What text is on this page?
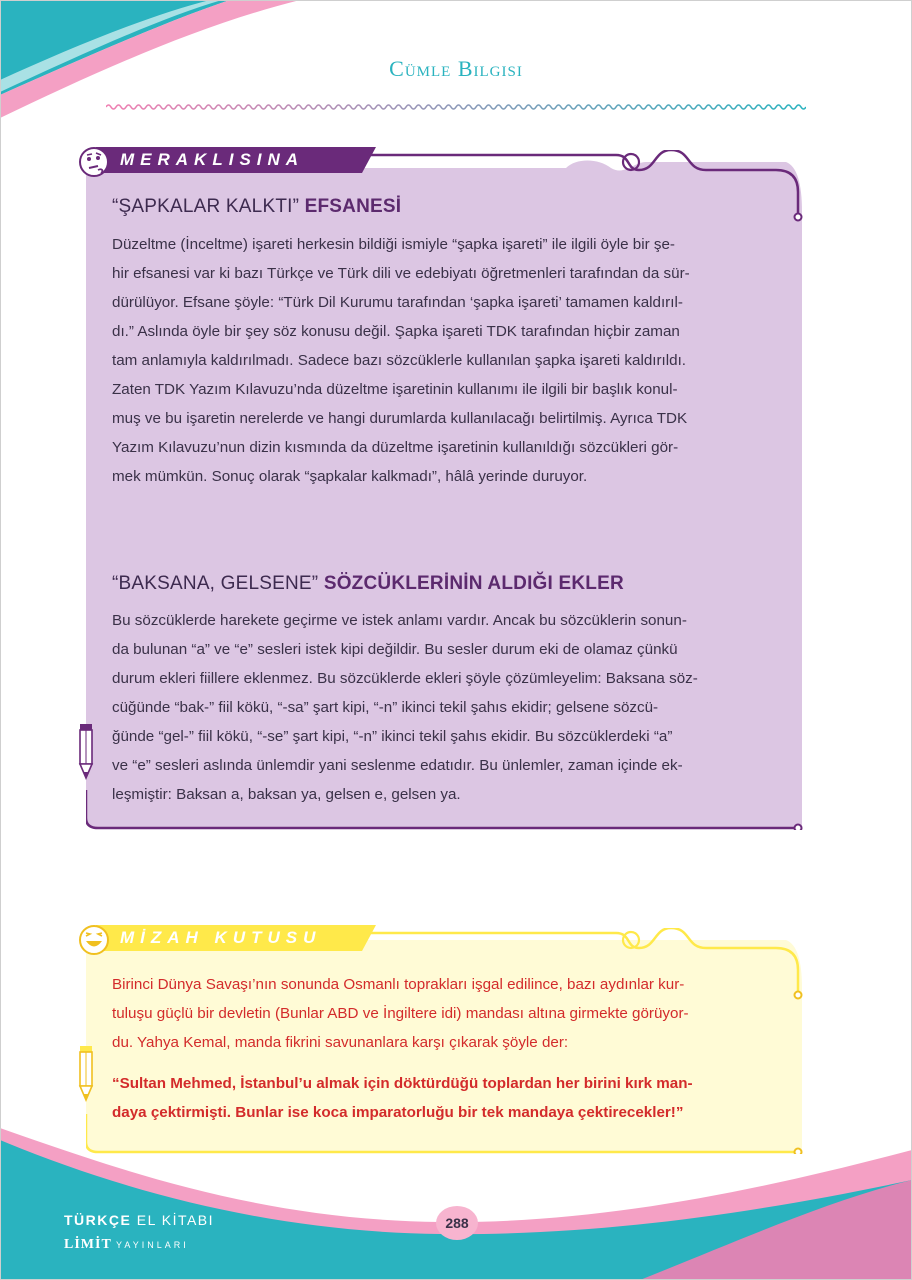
Cümle Bilgisi
MERAKLISINA
“ŞAPKALAR KALKTI” EFSANESİ
Düzeltme (İnceltme) işareti herkesin bildiği ismiyle “şapka işareti” ile ilgili öyle bir şe-
hir efsanesi var ki bazı Türkçe ve Türk dili ve edebiyatı öğretmenleri tarafından da sür-
dürülüyor. Efsane şöyle: “Türk Dil Kurumu tarafından ‘şapka işareti’ tamamen kaldırıl-
dı.” Aslında öyle bir şey söz konusu değil. Şapka işareti TDK tarafından hiçbir zaman
tam anlamıyla kaldırılmadı. Sadece bazı sözcüklerle kullanılan şapka işareti kaldırıldı.
Zaten TDK Yazım Kılavuzu’nda düzeltme işaretinin kullanımı ile ilgili bir başlık konul-
muş ve bu işaretin nerelerde ve hangi durumlarda kullanılacağı belirtilmiş. Ayrıca TDK
Yazım Kılavuzu’nun dizin kısmında da düzeltme işaretinin kullanıldığı sözcükleri gör-
mek mümkün. Sonuç olarak “şapkalar kalkmadı”, hâlâ yerinde duruyor.
“BAKSANA, GELSENE” SÖZCÜKLERİNİN ALDIĞI EKLER
Bu sözcüklerde harekete geçirme ve istek anlamı vardır. Ancak bu sözcüklerin sonun-
da bulunan “a” ve “e” sesleri istek kipi değildir. Bu sesler durum eki de olamaz çünkü
durum ekleri fiillere eklenmez. Bu sözcüklerde ekleri şöyle çözümleyelim: Baksana söz-
cüğünde “bak-” fiil kökü, “-sa” şart kipi, “-n” ikinci tekil şahıs ekidir; gelsene sözcü-
ğünde “gel-” fiil kökü, “-se” şart kipi, “-n” ikinci tekil şahıs ekidir. Bu sözcüklerdeki “a”
ve “e” sesleri aslında ünlemdir yani seslenme edatıdır. Bu ünlemler, zaman içinde ek-
leşmiştir: Baksan a, baksan ya, gelsen e, gelsen ya.
MİZAH KUTUSU
Birinci Dünya Savaşı’nın sonunda Osmanlı toprakları işgal edilince, bazı aydınlar kur-
tuluşu güçlü bir devletin (Bunlar ABD ve İngiltere idi) mandası altına girmekte görüyor-
du. Yahya Kemal, manda fikrini savunanlara karşı çıkarak şöyle der:
“Sultan Mehmed, İstanbul’u almak için döktürdüğü toplardan her birini kırk man-
daya çektirmişti. Bunlar ise koca imparatorluğu bir tek mandaya çektirecekler!”
TÜRKÇE EL KİTABI
LİMİT YAYINLARI
288
